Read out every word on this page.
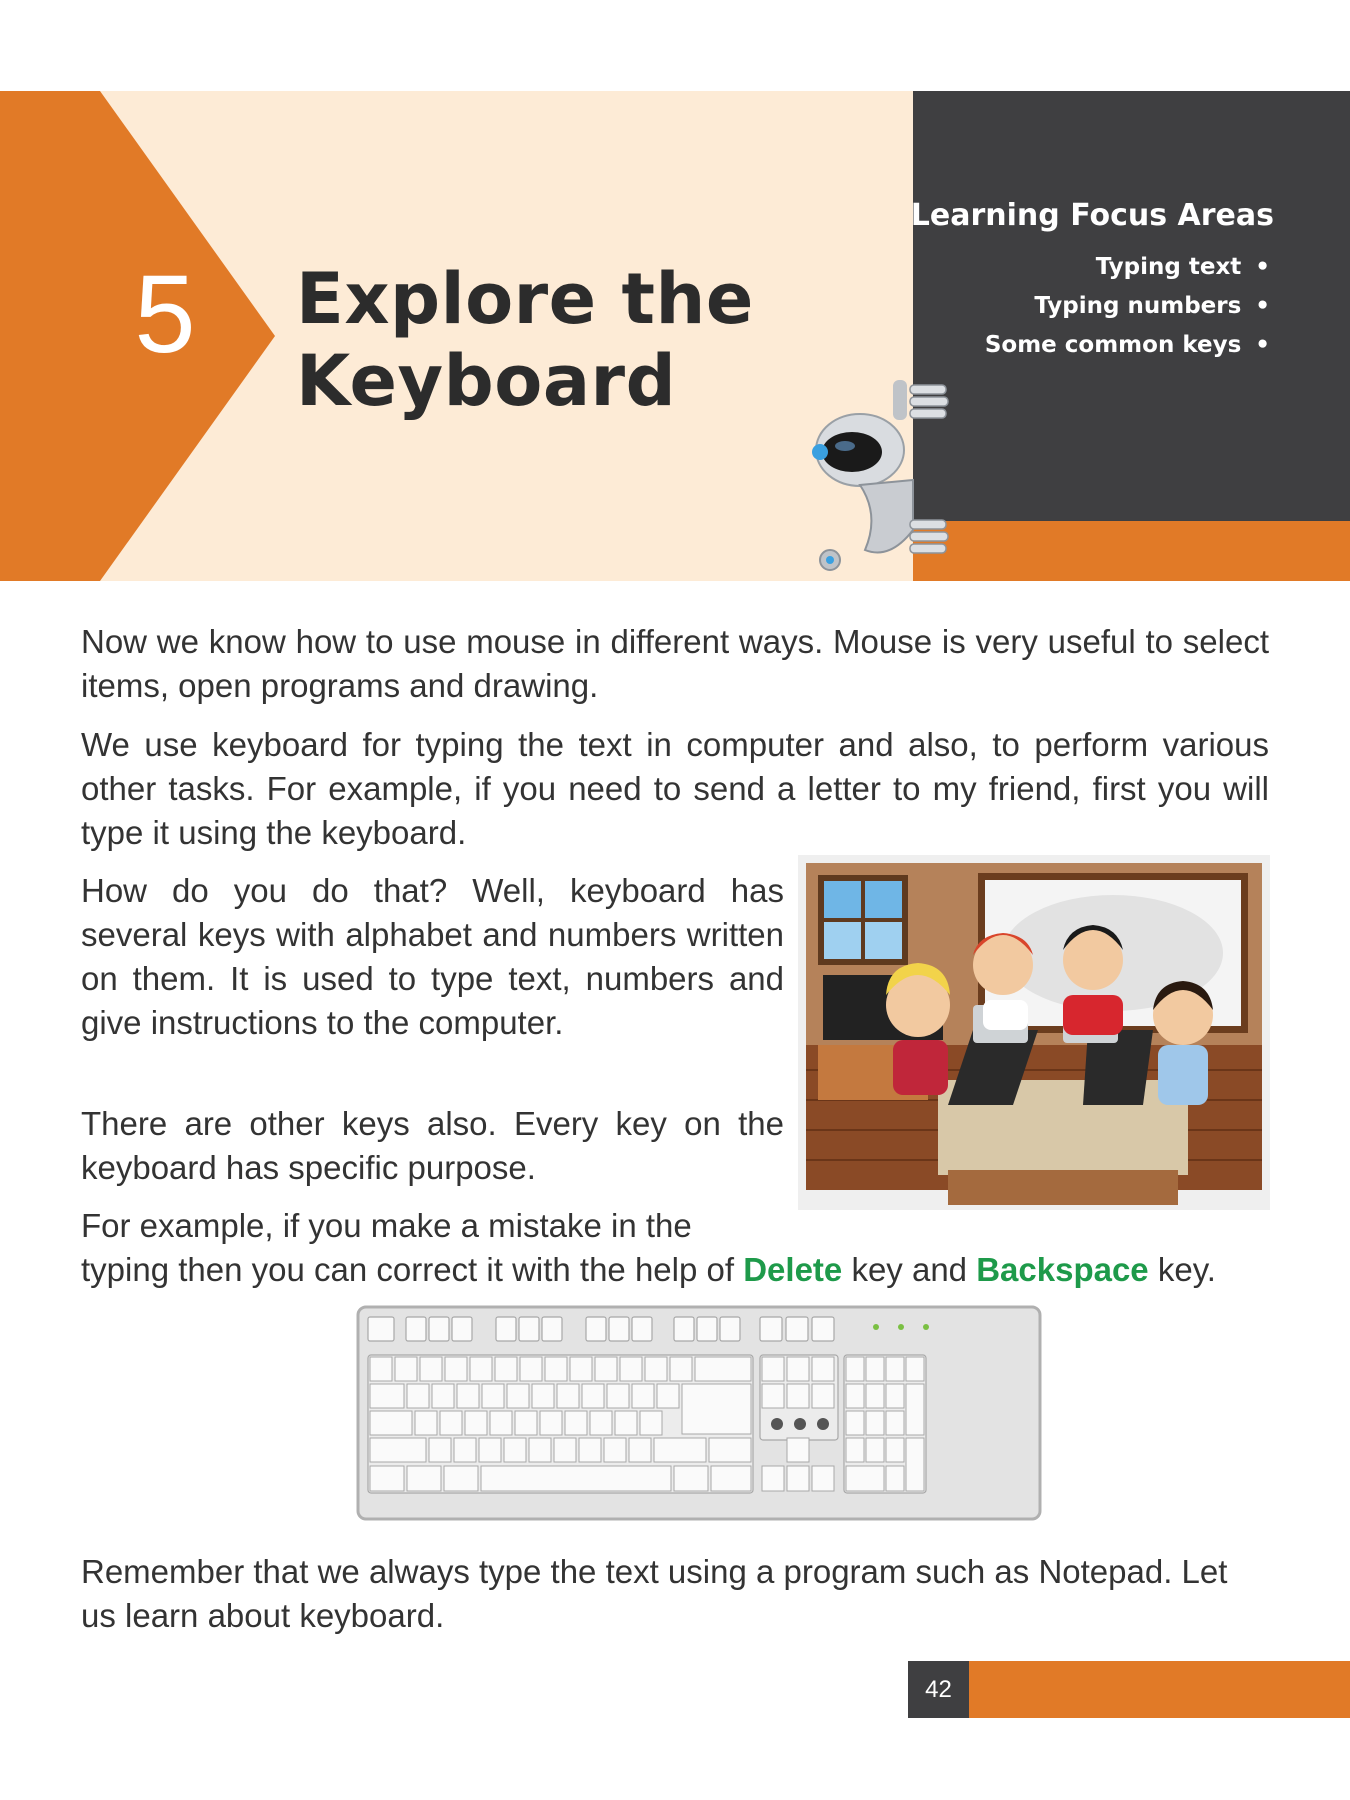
5	Explore the
Keyboard
Learning Focus Areas
Typing text •
Typing numbers •
Some common keys •

Now we know how to use mouse in different ways. Mouse is very useful to select items, open programs and drawing.

We use keyboard for typing the text in computer and also, to perform various other tasks. For example, if you need to send a letter to my friend, first you will type it using the keyboard.

How do you do that? Well, keyboard has several keys with alphabet and numbers written on them. It is used to type text, numbers and give instructions to the computer.

There are other keys also. Every key on the keyboard has specific purpose.

For example, if you make a mistake in the

typing then you can correct it with the help of Delete key and Backspace key.

Remember that we always type the text using a program such as Notepad. Let us learn about keyboard.

42
